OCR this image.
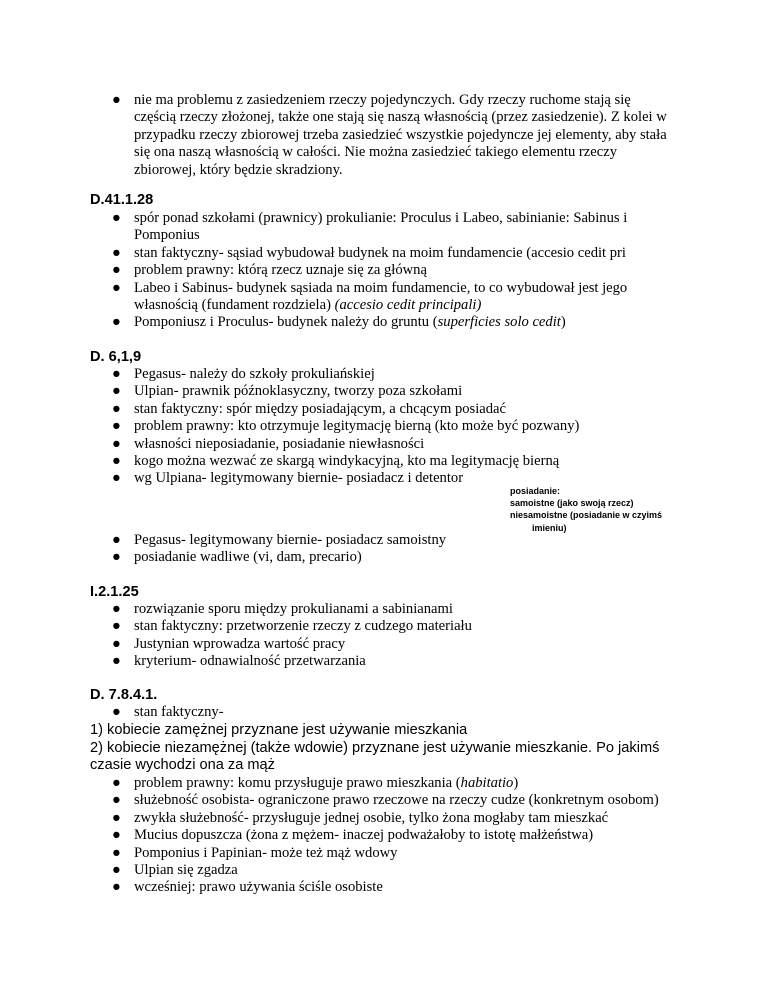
● nie ma problemu z zasiedzeniem rzeczy pojedynczych. Gdy rzeczy ruchome stają się częścią rzeczy złożonej, także one stają się naszą własnością (przez zasiedzenie). Z kolei w przypadku rzeczy zbiorowej trzeba zasiedzieć wszystkie pojedyncze jej elementy, aby stała się ona naszą własnością w całości. Nie można zasiedzieć takiego elementu rzeczy zbiorowej, który będzie skradziony.
D.41.1.28
● spór ponad szkołami (prawnicy) prokulianie: Proculus i Labeo, sabinianie: Sabinus i Pomponius
● stan faktyczny- sąsiad wybudował budynek na moim fundamencie (accesio cedit pri
● problem prawny: którą rzecz uznaje się za główną
● Labeo i Sabinus- budynek sąsiada na moim fundamencie, to co wybudował jest jego własnością (fundament rozdziela) (accesio cedit principali)
● Pomponiusz i Proculus- budynek należy do gruntu (superficies solo cedit)
D. 6,1,9
● Pegasus- należy do szkoły prokuliańskiej
● Ulpian- prawnik późnoklasyczny, tworzy poza szkołami
● stan faktyczny: spór między posiadającym, a chcącym posiadać
● problem prawny: kto otrzymuje legitymację bierną (kto może być pozwany)
● własności nieposiadanie, posiadanie niewłasności
● kogo można wezwać ze skargą windykacyjną, kto ma legitymację bierną
● wg Ulpiana- legitymowany biernie- posiadacz i detentor
posiadanie:
samoistne (jako swoją rzecz)
niesamoistne (posiadanie w czyimś
imieniu)
● Pegasus- legitymowany biernie- posiadacz samoistny
● posiadanie wadliwe (vi, dam, precario)
I.2.1.25
● rozwiązanie sporu między prokulianami a sabinianami
● stan faktyczny: przetworzenie rzeczy z cudzego materiału
● Justynian wprowadza wartość pracy
● kryterium- odnawialność przetwarzania
D. 7.8.4.1.
● stan faktyczny-
1) kobiecie zamężnej przyznane jest używanie mieszkania
2) kobiecie niezamężnej (także wdowie) przyznane jest używanie mieszkanie. Po jakimś czasie wychodzi ona za mąż
● problem prawny: komu przysługuje prawo mieszkania (habitatio)
● służebność osobista- ograniczone prawo rzeczowe na rzeczy cudze (konkretnym osobom)
● zwykła służebność- przysługuje jednej osobie, tylko żona mogłaby tam mieszkać
● Mucius dopuszcza (żona z mężem- inaczej podważałoby to istotę małżeństwa)
● Pomponius i Papinian- może też mąż wdowy
● Ulpian się zgadza
● wcześniej: prawo używania ściśle osobiste
